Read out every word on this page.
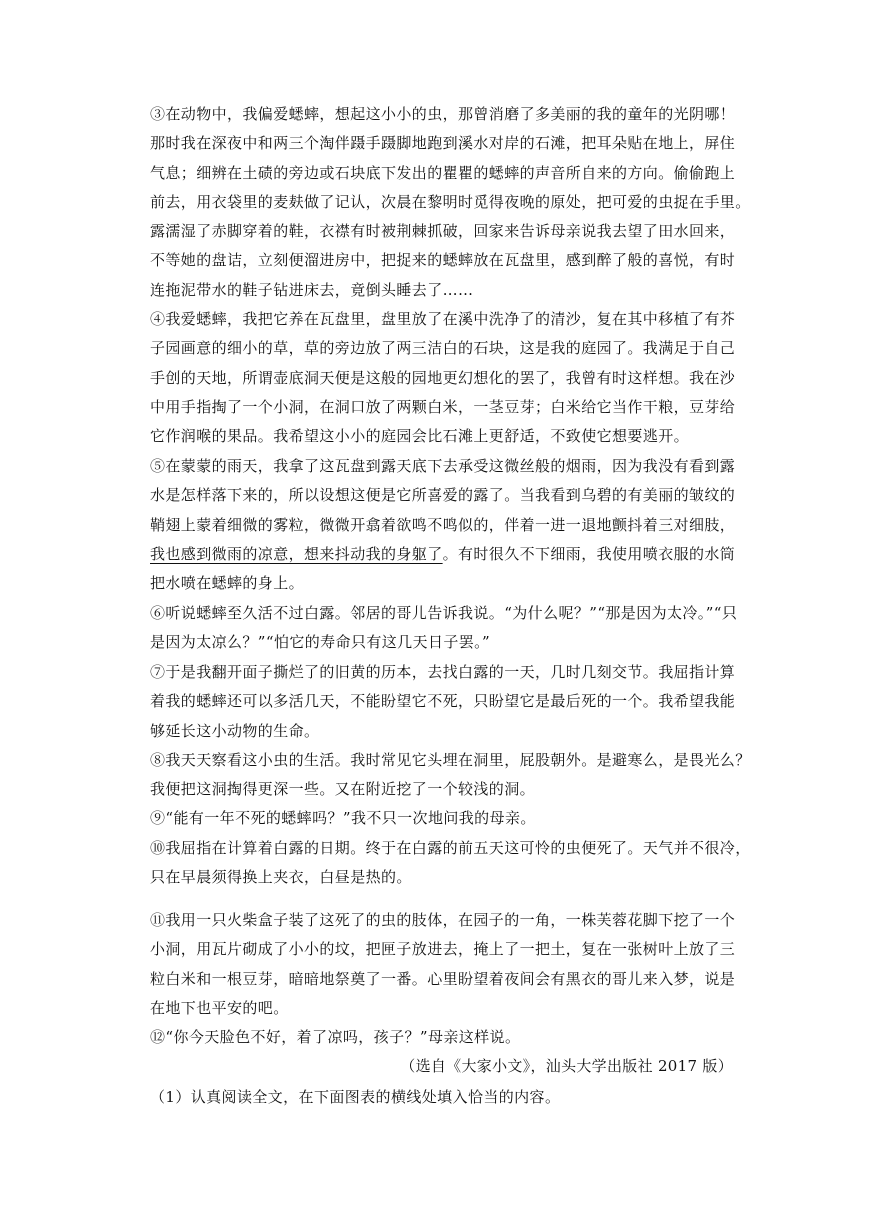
③在动物中，我偏爱蟋蟀，想起这小小的虫，那曾消磨了多美丽的我的童年的光阴哪！
那时我在深夜中和两三个淘伴蹑手蹑脚地跑到溪水对岸的石滩，把耳朵贴在地上，屏住
气息；细辨在土碛的旁边或石块底下发出的瞿瞿的蟋蟀的声音所自来的方向。偷偷跑上
前去，用衣袋里的麦麸做了记认，次晨在黎明时觅得夜晚的原处，把可爱的虫捉在手里。
露濡湿了赤脚穿着的鞋，衣襟有时被荆棘抓破，回家来告诉母亲说我去望了田水回来，
不等她的盘诘，立刻便溜进房中，把捉来的蟋蟀放在瓦盘里，感到醉了般的喜悦，有时
连拖泥带水的鞋子钻进床去，竟倒头睡去了……
④我爱蟋蟀，我把它养在瓦盘里，盘里放了在溪中洗净了的清沙，复在其中移植了有芥
子园画意的细小的草，草的旁边放了两三洁白的石块，这是我的庭园了。我满足于自己
手创的天地，所谓壶底洞天便是这般的园地更幻想化的罢了，我曾有时这样想。我在沙
中用手指掏了一个小洞，在洞口放了两颗白米，一茎豆芽；白米给它当作干粮，豆芽给
它作润喉的果品。我希望这小小的庭园会比石滩上更舒适，不致使它想要逃开。
⑤在蒙蒙的雨天，我拿了这瓦盘到露天底下去承受这微丝般的烟雨，因为我没有看到露
水是怎样落下来的，所以设想这便是它所喜爱的露了。当我看到乌碧的有美丽的皱纹的
鞘翅上蒙着细微的雾粒，微微开翕着欲鸣不鸣似的，伴着一进一退地颤抖着三对细肢，
我也感到微雨的凉意，想来抖动我的身躯了。有时很久不下细雨，我使用喷衣服的水筒
把水喷在蟋蟀的身上。
⑥听说蟋蟀至久活不过白露。邻居的哥儿告诉我说。“为什么呢？”“那是因为太冷。”“只
是因为太凉么？”“怕它的寿命只有这几天日子罢。”
⑦于是我翻开面子撕烂了的旧黄的历本，去找白露的一天，几时几刻交节。我屈指计算
着我的蟋蟀还可以多活几天，不能盼望它不死，只盼望它是最后死的一个。我希望我能
够延长这小动物的生命。
⑧我天天察看这小虫的生活。我时常见它头埋在洞里，屁股朝外。是避寒么，是畏光么？
我便把这洞掏得更深一些。又在附近挖了一个较浅的洞。
⑨“能有一年不死的蟋蟀吗？”我不只一次地问我的母亲。
⑩我屈指在计算着白露的日期。终于在白露的前五天这可怜的虫便死了。天气并不很冷，
只在早晨须得换上夹衣，白昼是热的。
⑪我用一只火柴盒子装了这死了的虫的肢体，在园子的一角，一株芙蓉花脚下挖了一个
小洞，用瓦片砌成了小小的坟，把匣子放进去，掩上了一把土，复在一张树叶上放了三
粒白米和一根豆芽，暗暗地祭奠了一番。心里盼望着夜间会有黑衣的哥儿来入梦，说是
在地下也平安的吧。
⑫“你今天脸色不好，着了凉吗，孩子？”母亲这样说。
（选自《大家小文》，汕头大学出版社 2017 版）
（1）认真阅读全文，在下面图表的横线处填入恰当的内容。
